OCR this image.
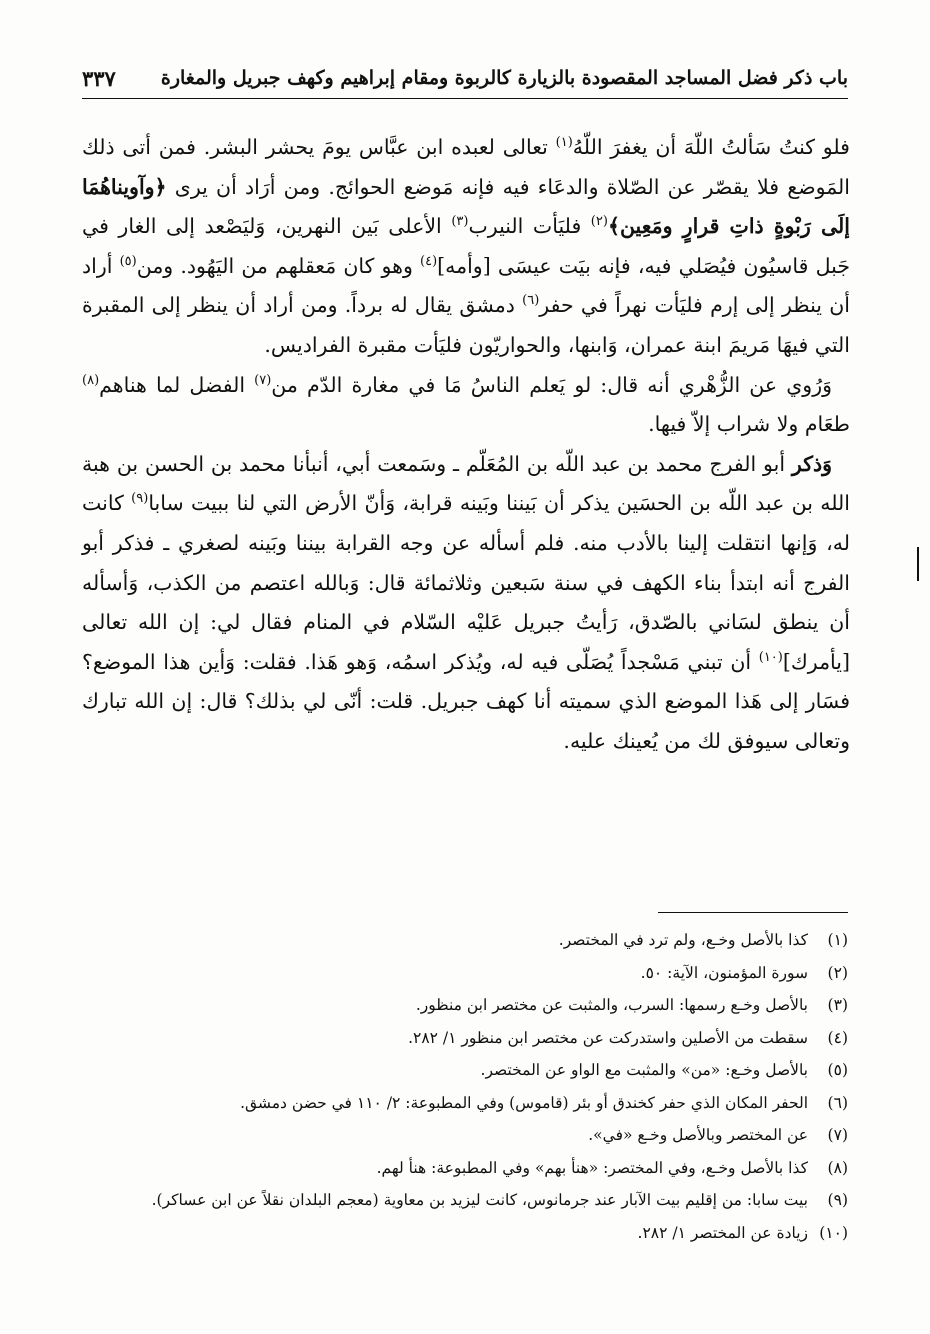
باب ذكر فضل المساجد المقصودة بالزيارة كالربوة ومقام إبراهيم وكهف جبريل والمغارة
٣٣٧

فلو كنتُ سَألتُ اللّهَ أن يغفرَ اللّهُ$^{(١)}$ تعالى لعبده ابن عبَّاس يومَ يحشر البشر. فمن أتى ذلك المَوضع فلا يقصّر عن الصّلاة والدعَاء فيه فإنه مَوضع الحوائج. ومن أرَاد أن يرى ﴿وآويناهُمَا إلَى رَبْوةٍ ذاتِ قرارٍ ومَعِين﴾$^{(٢)}$ فليَأت النيرب$^{(٣)}$ الأعلى بَين النهرين، وَليَصْعد إلى الغار في جَبل قاسيُون فيُصَلي فيه، فإنه بيَت عيسَى [وأمه]$^{(٤)}$ وهو كان مَعقلهم من اليَهُود. ومن$^{(٥)}$ أراد أن ينظر إلى إرم فليَأت نهراً في حفر$^{(٦)}$ دمشق يقال له برداً. ومن أراد أن ينظر إلى المقبرة التي فيهَا مَريمَ ابنة عمران، وَابنها، والحواريّون فليَأت مقبرة الفراديس.

وَرُوي عن الزُّهْري أنه قال: لو يَعلم الناسُ مَا في مغارة الدّم من$^{(٧)}$ الفضل لما هناهم$^{(٨)}$ طعَام ولا شراب إلاّ فيها.

وَذكر أبو الفرج محمد بن عبد اللّه بن المُعَلّم ـ وسَمعت أبي، أنبأنا محمد بن الحسن بن هبة الله بن عبد اللّه بن الحسَين يذكر أن بَيننا وبَينه قرابة، وَأنّ الأرض التي لنا ببيت سابا$^{(٩)}$ كانت له، وَإنها انتقلت إلينا بالأدب منه. فلم أسأله عن وجه القرابة بيننا وبَينه لصغري ـ فذكر أبو الفرج أنه ابتدأ بناء الكهف في سنة سَبعين وثلاثمائة قال: وَبالله اعتصم من الكذب، وَأسأله أن ينطق لسَاني بالصّدق، رَأيتُ جبريل عَليْه السّلام في المنام فقال لي: إن الله تعالى [يأمرك]$^{(١٠)}$ أن تبني مَسْجداً يُصَلّى فيه له، ويُذكر اسمُه، وَهو هَذا. فقلت: وَأين هذا الموضع؟ فسَار إلى هَذا الموضع الذي سميته أنا كهف جبريل. قلت: أنّى لي بذلك؟ قال: إن الله تبارك وتعالى سيوفق لك من يُعينك عليه.

(١)
كذا بالأصل وخـع، ولم ترد في المختصر.
(٢)
سورة المؤمنون، الآية: ٥٠.
(٣)
بالأصل وخـع رسمها: السرب، والمثبت عن مختصر ابن منظور.
(٤)
سقطت من الأصلين واستدركت عن مختصر ابن منظور ١/ ٢٨٢.
(٥)
بالأصل وخـع: «من» والمثبت مع الواو عن المختصر.
(٦)
الحفر المكان الذي حفر كخندق أو بئر (قاموس) وفي المطبوعة: ٢/ ١١٠ في حضن دمشق.
(٧)
عن المختصر وبالأصل وخـع «في».
(٨)
كذا بالأصل وخـع، وفي المختصر: «هنأ بهم» وفي المطبوعة: هنأ لهم.
(٩)
بيت سابا: من إقليم بيت الآبار عند جرمانوس، كانت ليزيد بن معاوية (معجم البلدان نقلاً عن ابن عساكر).
(١٠)
زيادة عن المختصر ١/ ٢٨٢.
